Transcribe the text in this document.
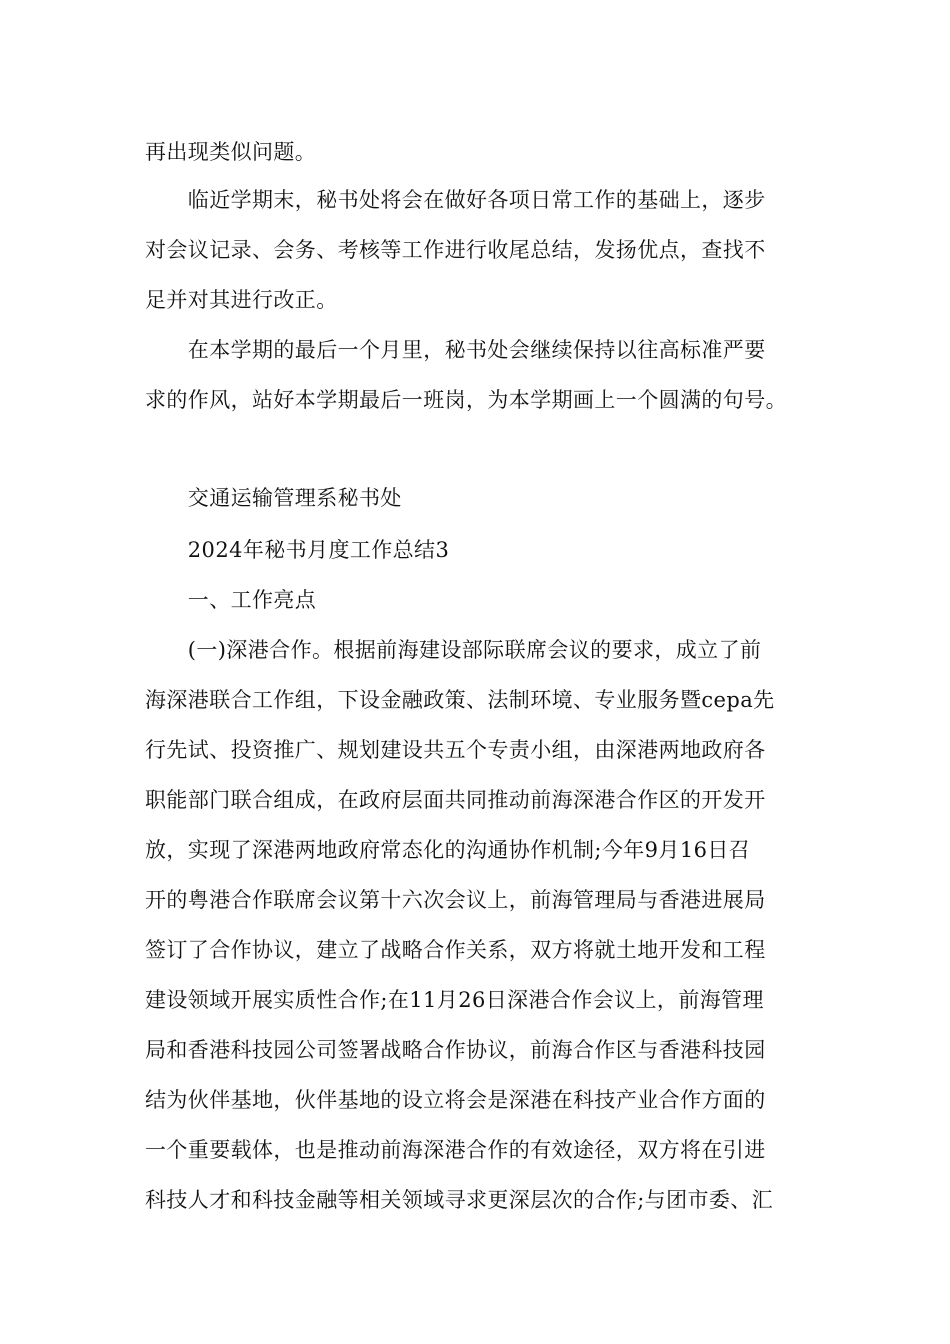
再出现类似问题。
　　临近学期末，秘书处将会在做好各项日常工作的基础上，逐步
对会议记录、会务、考核等工作进行收尾总结，发扬优点，查找不
足并对其进行改正。
　　在本学期的最后一个月里，秘书处会继续保持以往高标准严要
求的作风，站好本学期最后一班岗，为本学期画上一个圆满的句号。
　　交通运输管理系秘书处
　　2024年秘书月度工作总结3
　　一、工作亮点
　　(一)深港合作。根据前海建设部际联席会议的要求，成立了前
海深港联合工作组，下设金融政策、法制环境、专业服务暨cepa先
行先试、投资推广、规划建设共五个专责小组，由深港两地政府各
职能部门联合组成，在政府层面共同推动前海深港合作区的开发开
放，实现了深港两地政府常态化的沟通协作机制;今年9月16日召
开的粤港合作联席会议第十六次会议上，前海管理局与香港进展局
签订了合作协议，建立了战略合作关系，双方将就土地开发和工程
建设领域开展实质性合作;在11月26日深港合作会议上，前海管理
局和香港科技园公司签署战略合作协议，前海合作区与香港科技园
结为伙伴基地，伙伴基地的设立将会是深港在科技产业合作方面的
一个重要载体，也是推动前海深港合作的有效途径，双方将在引进
科技人才和科技金融等相关领域寻求更深层次的合作;与团市委、汇
